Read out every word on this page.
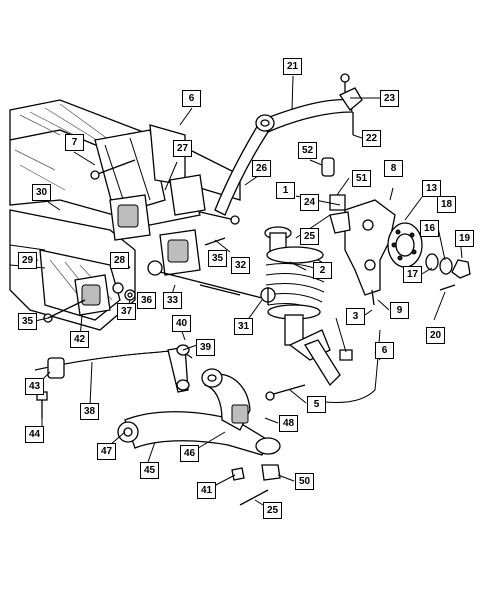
6
21
23
22
7
27	52
8
26
51
1	13
30
24	18
16
25	19
29	28	35
32	2	17
36	33
9
37	3
35	40	31
20
42
39	6
43
5
38
48
44
47	46
45
50
41
25
